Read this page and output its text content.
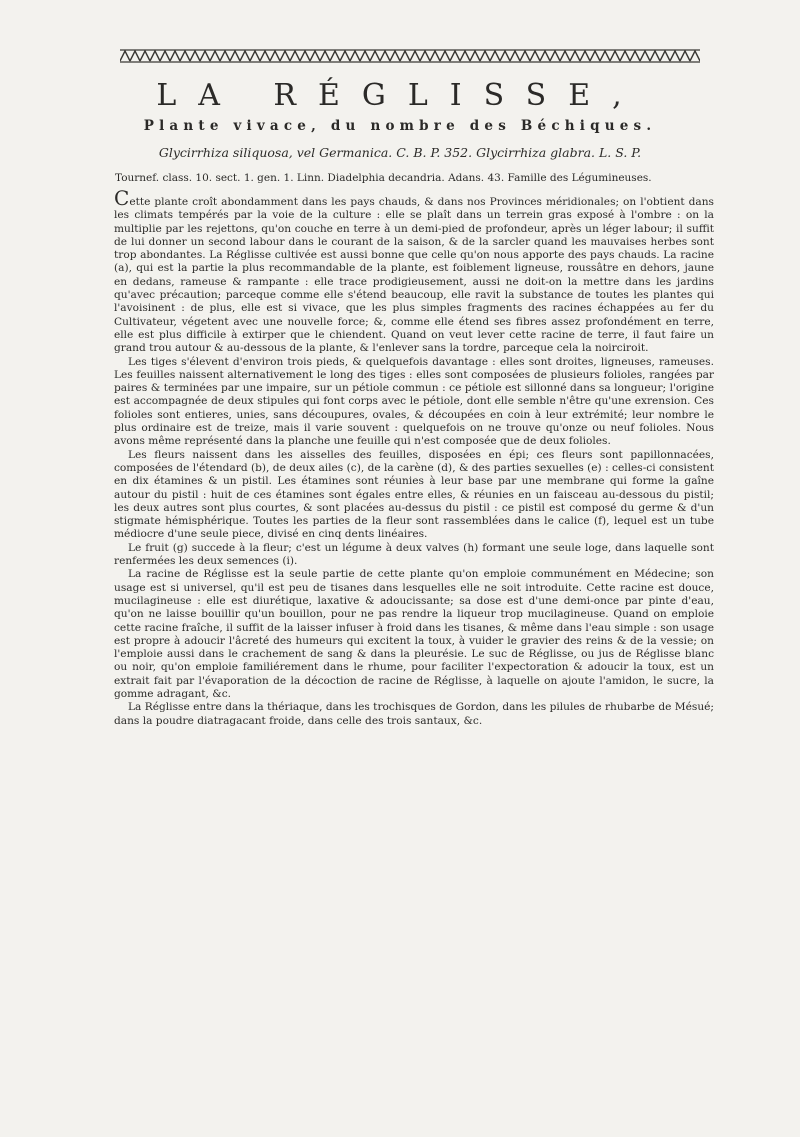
LA RÉGLISSE,
Plante vivace, du nombre des Béchiques.
Glycirrhiza siliquosa, vel Germanica. C. B. P. 352. Glycirrhiza glabra. L. S. P.
Tournef. class. 10. sect. 1. gen. 1. Linn. Diadelphia decandria. Adans. 43. Famille des Légumineuses.

Cette plante croît abondamment dans les pays chauds, & dans nos Provinces méridionales; on l'obtient dans les climats tempérés par la voie de la culture : elle se plaît dans un terrein gras exposé à l'ombre : on la multiplie par les rejettons, qu'on couche en terre à un demi-pied de profondeur, après un léger labour; il suffit de lui donner un second labour dans le courant de la saison, & de la sarcler quand les mauvaises herbes sont trop abondantes. La Réglisse cultivée est aussi bonne que celle qu'on nous apporte des pays chauds. La racine (a), qui est la partie la plus recommandable de la plante, est foiblement ligneuse, roussâtre en dehors, jaune en dedans, rameuse & rampante : elle trace prodigieusement, aussi ne doit-on la mettre dans les jardins qu'avec précaution; parceque comme elle s'étend beaucoup, elle ravit la substance de toutes les plantes qui l'avoisinent : de plus, elle est si vivace, que les plus simples fragments des racines échappées au fer du Cultivateur, végetent avec une nouvelle force; &, comme elle étend ses fibres assez profondément en terre, elle est plus difficile à extirper que le chiendent. Quand on veut lever cette racine de terre, il faut faire un grand trou autour & au-dessous de la plante, & l'enlever sans la tordre, parceque cela la noirciroit.

Les tiges s'élevent d'environ trois pieds, & quelquefois davantage : elles sont droites, ligneuses, rameuses. Les feuilles naissent alternativement le long des tiges : elles sont composées de plusieurs folioles, rangées par paires & terminées par une impaire, sur un pétiole commun : ce pétiole est sillonné dans sa longueur; l'origine est accompagnée de deux stipules qui font corps avec le pétiole, dont elle semble n'être qu'une exrension. Ces folioles sont entieres, unies, sans découpures, ovales, & découpées en coin à leur extrémité; leur nombre le plus ordinaire est de treize, mais il varie souvent : quelquefois on ne trouve qu'onze ou neuf folioles. Nous avons même représenté dans la planche une feuille qui n'est composée que de deux folioles.

Les fleurs naissent dans les aisselles des feuilles, disposées en épi; ces fleurs sont papillonnacées, composées de l'étendard (b), de deux ailes (c), de la carène (d), & des parties sexuelles (e) : celles-ci consistent en dix étamines & un pistil. Les étamines sont réunies à leur base par une membrane qui forme la gaîne autour du pistil : huit de ces étamines sont égales entre elles, & réunies en un faisceau au-dessous du pistil; les deux autres sont plus courtes, & sont placées au-dessus du pistil : ce pistil est composé du germe & d'un stigmate hémisphérique. Toutes les parties de la fleur sont rassemblées dans le calice (f), lequel est un tube médiocre d'une seule piece, divisé en cinq dents linéaires.

Le fruit (g) succede à la fleur; c'est un légume à deux valves (h) formant une seule loge, dans laquelle sont renfermées les deux semences (i).

La racine de Réglisse est la seule partie de cette plante qu'on emploie communément en Médecine; son usage est si universel, qu'il est peu de tisanes dans lesquelles elle ne soit introduite. Cette racine est douce, mucilagineuse : elle est diurétique, laxative & adoucissante; sa dose est d'une demi-once par pinte d'eau, qu'on ne laisse bouillir qu'un bouillon, pour ne pas rendre la liqueur trop mucilagineuse. Quand on emploie cette racine fraîche, il suffit de la laisser infuser à froid dans les tisanes, & même dans l'eau simple : son usage est propre à adoucir l'âcreté des humeurs qui excitent la toux, à vuider le gravier des reins & de la vessie; on l'emploie aussi dans le crachement de sang & dans la pleurésie. Le suc de Réglisse, ou jus de Réglisse blanc ou noir, qu'on emploie familiérement dans le rhume, pour faciliter l'expectoration & adoucir la toux, est un extrait fait par l'évaporation de la décoction de racine de Réglisse, à laquelle on ajoute l'amidon, le sucre, la gomme adragant, &c.

La Réglisse entre dans la thériaque, dans les trochisques de Gordon, dans les pilules de rhubarbe de Mésué; dans la poudre diatragacant froide, dans celle des trois santaux, &c.
